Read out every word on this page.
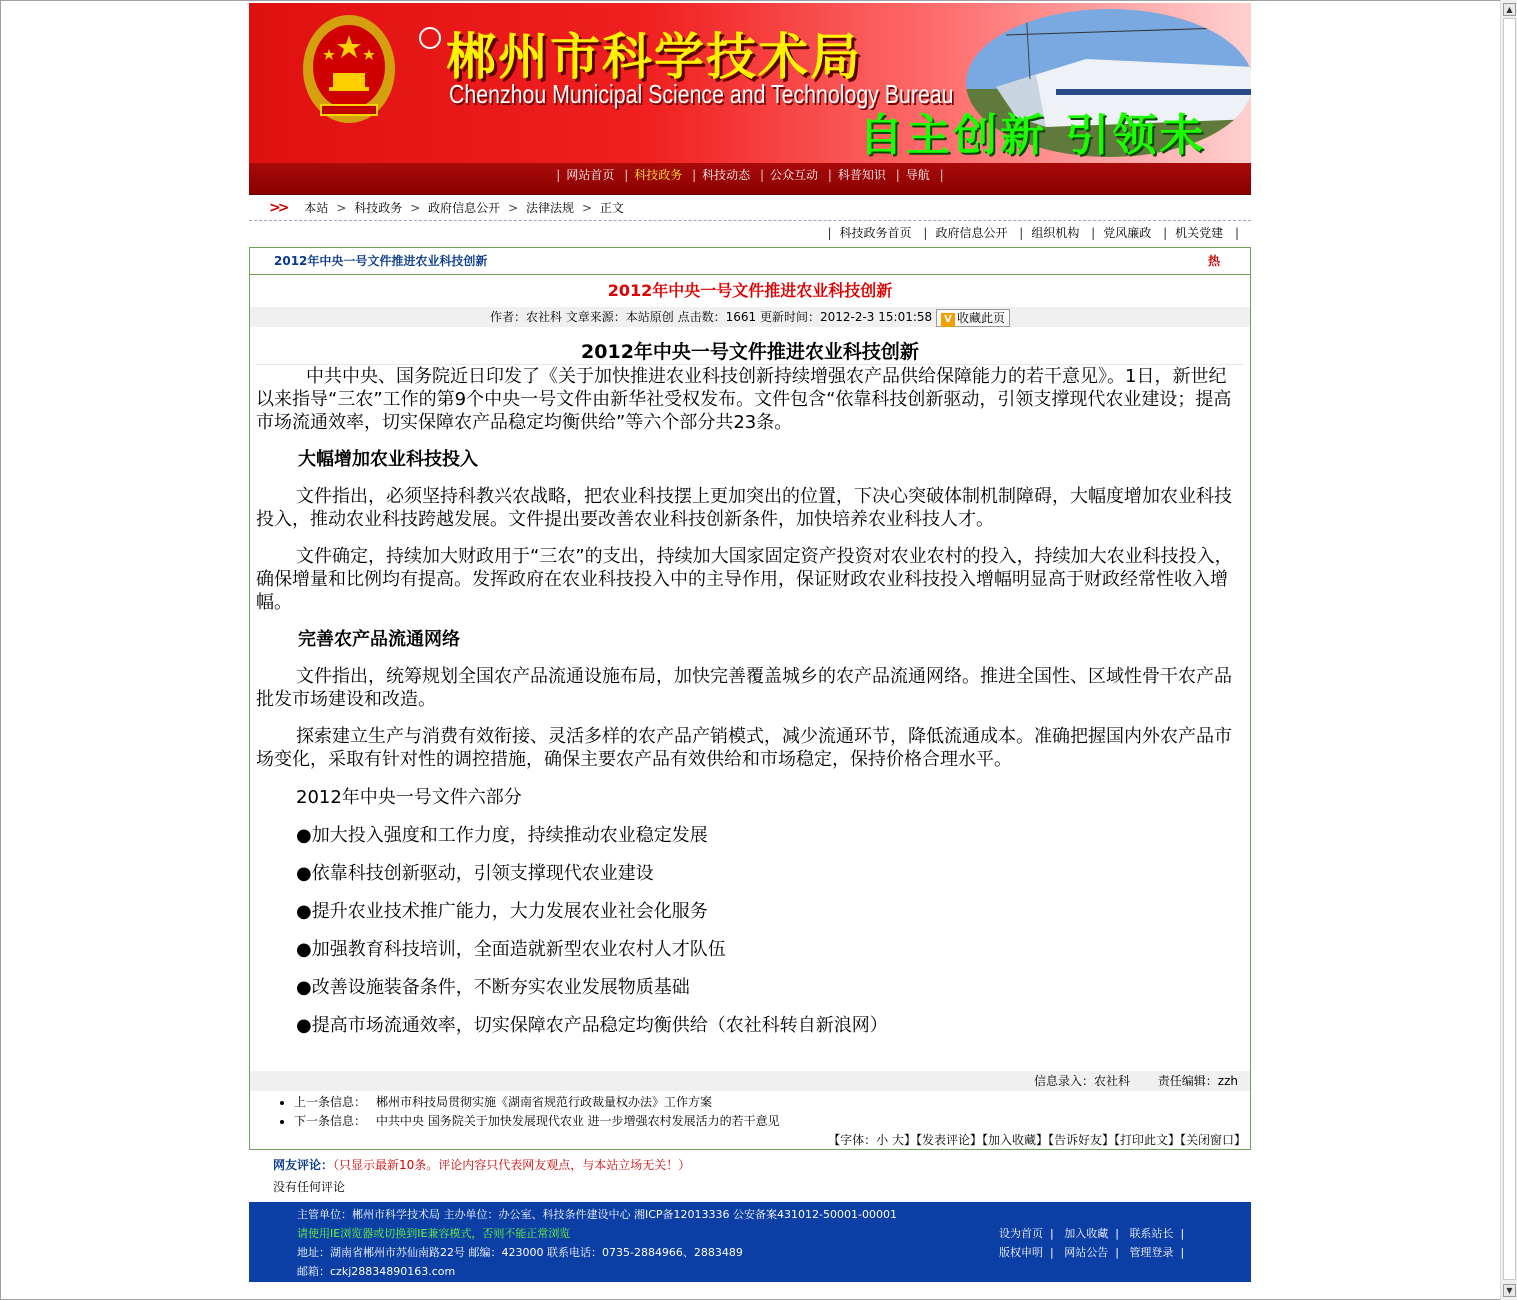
郴州市科学技术局
Chenzhou Municipal Science and Technology Bureau
自主创新 引领未
| 网站首页 | 科技政务 | 科技动态 | 公众互动 | 科普知识 | 导航 |
>> 本站 > 科技政务 > 政府信息公开 > 法律法规 > 正文
| 科技政务首页 | 政府信息公开 | 组织机构 | 党风廉政 | 机关党建 |
2012年中央一号文件推进农业科技创新	热
2012年中央一号文件推进农业科技创新
作者：农社科 文章来源：本站原创 点击数：1661 更新时间：2012-2-3 15:01:58 V 收藏此页
2012年中央一号文件推进农业科技创新

中共中央、国务院近日印发了《关于加快推进农业科技创新持续增强农产品供给保障能力的若干意见》。1日，新世纪以来指导“三农”工作的第9个中央一号文件由新华社受权发布。文件包含“依靠科技创新驱动，引领支撑现代农业建设；提高市场流通效率，切实保障农产品稳定均衡供给”等六个部分共23条。

大幅增加农业科技投入

文件指出，必须坚持科教兴农战略，把农业科技摆上更加突出的位置，下决心突破体制机制障碍，大幅度增加农业科技投入，推动农业科技跨越发展。文件提出要改善农业科技创新条件，加快培养农业科技人才。

文件确定，持续加大财政用于“三农”的支出，持续加大国家固定资产投资对农业农村的投入，持续加大农业科技投入，确保增量和比例均有提高。发挥政府在农业科技投入中的主导作用，保证财政农业科技投入增幅明显高于财政经常性收入增幅。

完善农产品流通网络

文件指出，统筹规划全国农产品流通设施布局，加快完善覆盖城乡的农产品流通网络。推进全国性、区域性骨干农产品批发市场建设和改造。

探索建立生产与消费有效衔接、灵活多样的农产品产销模式，减少流通环节，降低流通成本。准确把握国内外农产品市场变化，采取有针对性的调控措施，确保主要农产品有效供给和市场稳定，保持价格合理水平。

2012年中央一号文件六部分
●加大投入强度和工作力度，持续推动农业稳定发展
●依靠科技创新驱动，引领支撑现代农业建设
●提升农业技术推广能力，大力发展农业社会化服务
●加强教育科技培训，全面造就新型农业农村人才队伍
●改善设施装备条件，不断夯实农业发展物质基础
●提高市场流通效率，切实保障农产品稳定均衡供给（农社科转自新浪网）
信息录入：农社科 责任编辑：zzh
• 上一条信息： 郴州市科技局贯彻实施《湖南省规范行政裁量权办法》工作方案
• 下一条信息： 中共中央 国务院关于加快发展现代农业 进一步增强农村发展活力的若干意见
【字体：小 大】【发表评论】【加入收藏】【告诉好友】【打印此文】【关闭窗口】
网友评论：（只显示最新10条。评论内容只代表网友观点，与本站立场无关！）
没有任何评论
主管单位：郴州市科学技术局 主办单位：办公室、科技条件建设中心 湘ICP备12013336 公安备案431012-50001-00001
请使用IE浏览器或切换到IE兼容模式，否则不能正常浏览
地址：湖南省郴州市苏仙南路22号 邮编：423000 联系电话：0735-2884966、2883489
邮箱：czkj28834890163.com
设为首页 | 加入收藏 | 联系站长 |
版权申明 | 网站公告 | 管理登录 |
▲
▼
